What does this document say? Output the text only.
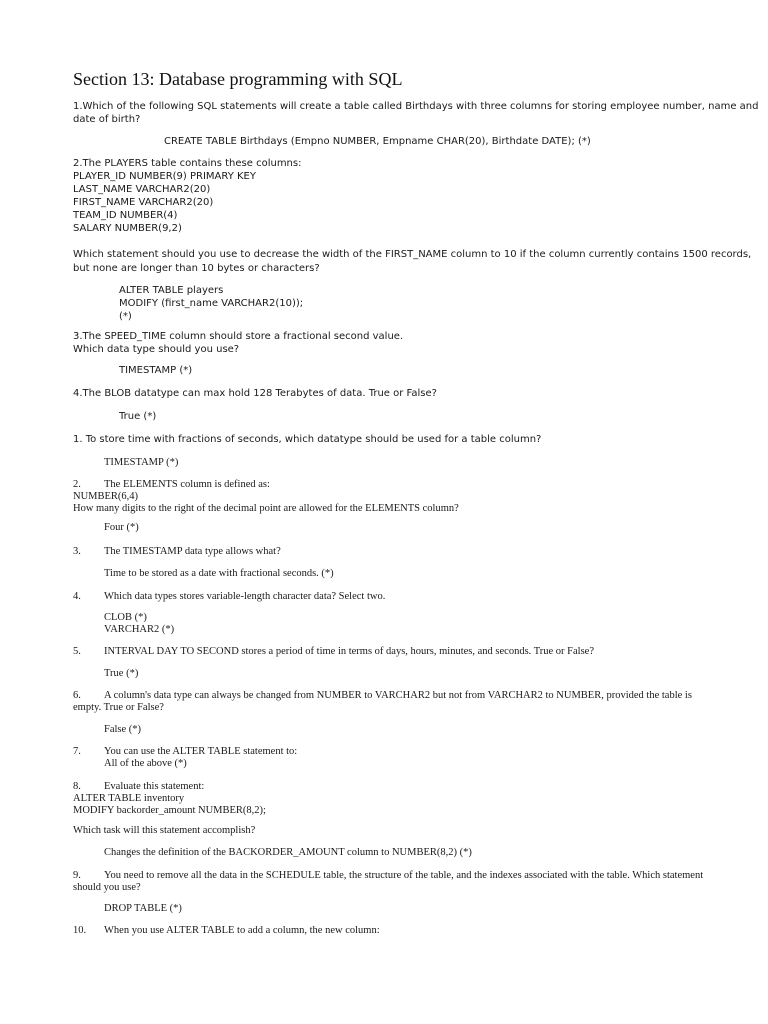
Section 13: Database programming with SQL
1.Which of the following SQL statements will create a table called Birthdays with three columns for storing employee number, name and
date of birth?
CREATE TABLE Birthdays (Empno NUMBER, Empname CHAR(20), Birthdate DATE); (*)
2.The PLAYERS table contains these columns:
PLAYER_ID NUMBER(9) PRIMARY KEY
LAST_NAME VARCHAR2(20)
FIRST_NAME VARCHAR2(20)
TEAM_ID NUMBER(4)
SALARY NUMBER(9,2)
Which statement should you use to decrease the width of the FIRST_NAME column to 10 if the column currently contains 1500 records,
but none are longer than 10 bytes or characters?
ALTER TABLE players
MODIFY (first_name VARCHAR2(10));
(*)
3.The SPEED_TIME column should store a fractional second value.
Which data type should you use?
TIMESTAMP (*)
4.The BLOB datatype can max hold 128 Terabytes of data. True or False?
True (*)
1. To store time with fractions of seconds, which datatype should be used for a table column?
TIMESTAMP (*)
2. The ELEMENTS column is defined as:
NUMBER(6,4)
How many digits to the right of the decimal point are allowed for the ELEMENTS column?
Four (*)
3. The TIMESTAMP data type allows what?
Time to be stored as a date with fractional seconds. (*)
4. Which data types stores variable-length character data? Select two.
CLOB (*)
VARCHAR2 (*)
5. INTERVAL DAY TO SECOND stores a period of time in terms of days, hours, minutes, and seconds. True or False?
True (*)
6. A column's data type can always be changed from NUMBER to VARCHAR2 but not from VARCHAR2 to NUMBER, provided the table is
empty. True or False?
False (*)
7. You can use the ALTER TABLE statement to:
All of the above (*)
8. Evaluate this statement:
ALTER TABLE inventory
MODIFY backorder_amount NUMBER(8,2);
Which task will this statement accomplish?
Changes the definition of the BACKORDER_AMOUNT column to NUMBER(8,2) (*)
9. You need to remove all the data in the SCHEDULE table, the structure of the table, and the indexes associated with the table. Which statement
should you use?
DROP TABLE (*)
10. When you use ALTER TABLE to add a column, the new column:
